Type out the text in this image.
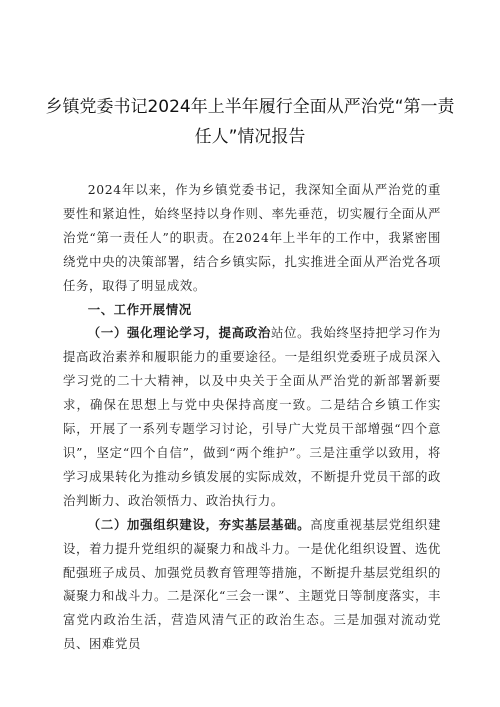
乡镇党委书记2024年上半年履行全面从严治党“第一责
任人”情况报告

2024年以来，作为乡镇党委书记，我深知全面从严治党的重要性和紧迫性，始终坚持以身作则、率先垂范，切实履行全面从严治党“第一责任人”的职责。在2024年上半年的工作中，我紧密围绕党中央的决策部署，结合乡镇实际，扎实推进全面从严治党各项任务，取得了明显成效。

一、工作开展情况

（一）强化理论学习，提高政治站位。我始终坚持把学习作为提高政治素养和履职能力的重要途径。一是组织党委班子成员深入学习党的二十大精神，以及中央关于全面从严治党的新部署新要求，确保在思想上与党中央保持高度一致。二是结合乡镇工作实际，开展了一系列专题学习讨论，引导广大党员干部增强“四个意识”，坚定“四个自信”，做到“两个维护”。三是注重学以致用，将学习成果转化为推动乡镇发展的实际成效，不断提升党员干部的政治判断力、政治领悟力、政治执行力。

（二）加强组织建设，夯实基层基础。高度重视基层党组织建设，着力提升党组织的凝聚力和战斗力。一是优化组织设置、选优配强班子成员、加强党员教育管理等措施，不断提升基层党组织的凝聚力和战斗力。二是深化“三会一课”、主题党日等制度落实，丰富党内政治生活，营造风清气正的政治生态。三是加强对流动党员、困难党员
